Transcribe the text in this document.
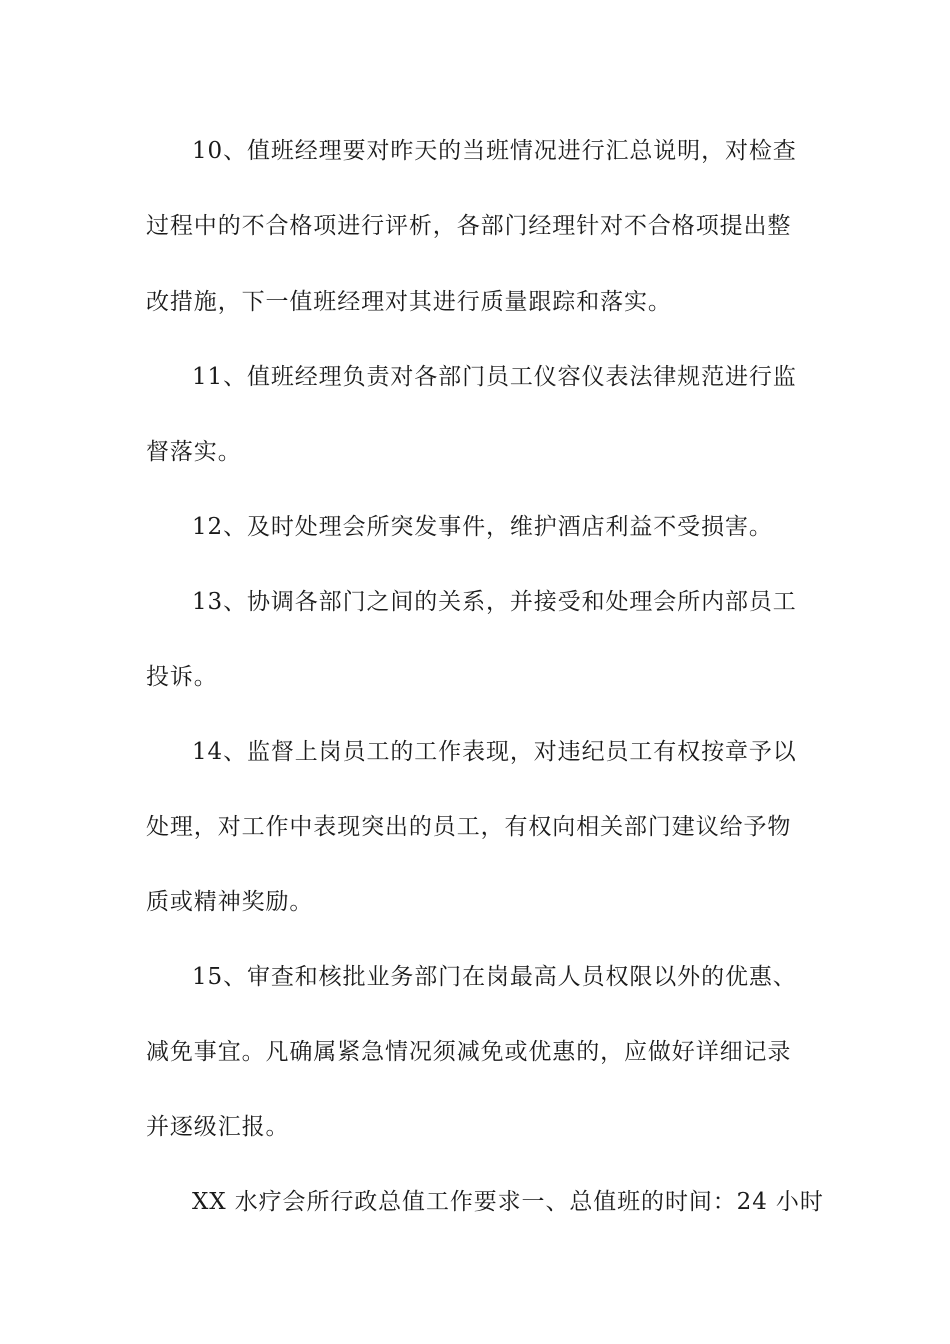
10、值班经理要对昨天的当班情况进行汇总说明，对检查
过程中的不合格项进行评析，各部门经理针对不合格项提出整
改措施，下一值班经理对其进行质量跟踪和落实。
11、值班经理负责对各部门员工仪容仪表法律规范进行监
督落实。
12、及时处理会所突发事件，维护酒店利益不受损害。
13、协调各部门之间的关系，并接受和处理会所内部员工
投诉。
14、监督上岗员工的工作表现，对违纪员工有权按章予以
处理，对工作中表现突出的员工，有权向相关部门建议给予物
质或精神奖励。
15、审查和核批业务部门在岗最高人员权限以外的优惠、
减免事宜。凡确属紧急情况须减免或优惠的，应做好详细记录
并逐级汇报。
XX 水疗会所行政总值工作要求一、总值班的时间：24 小时
